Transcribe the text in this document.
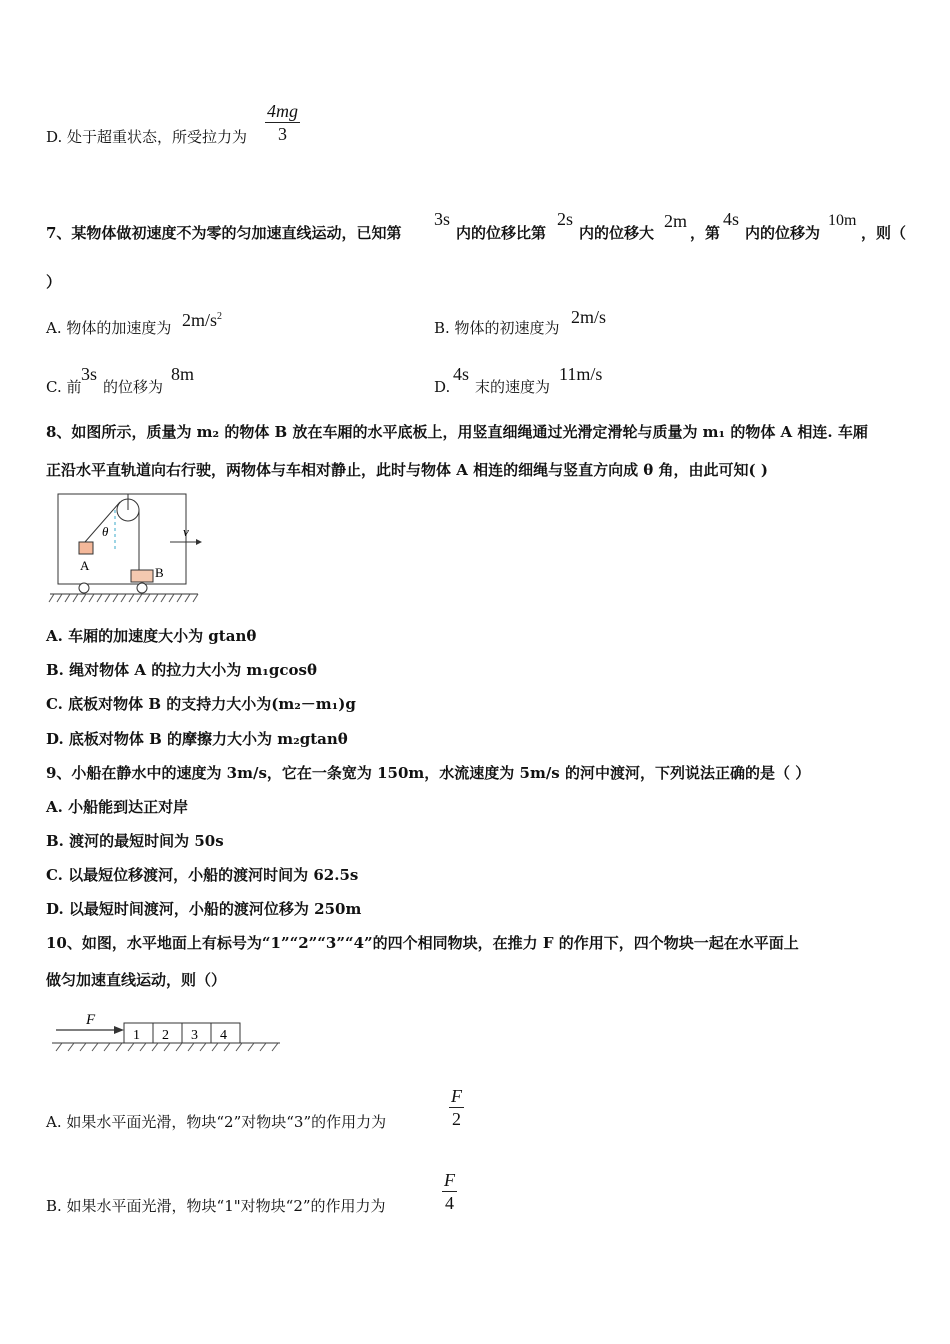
D. 处于超重状态，所受拉力为 $\frac{4mg}{3}$
7、某物体做初速度不为零的匀加速直线运动，已知第
3s
内的位移比第
2s
内的位移大
2m
，第
4s
内的位移为
10m
，则（
）
A. 物体的加速度为 $2m/s^2$
B. 物体的初速度为
2m/s
C. 前
3s
的位移为
8m
D.
4s
末的速度为
11m/s
8、如图所示，质量为 m₂ 的物体 B 放在车厢的水平底板上，用竖直细绳通过光滑定滑轮与质量为 m₁ 的物体 A 相连. 车厢
正沿水平直轨道向右行驶，两物体与车相对静止，此时与物体 A 相连的细绳与竖直方向成 θ 角，由此可知( )
θ
A	B
v
A. 车厢的加速度大小为 gtanθ
B. 绳对物体 A 的拉力大小为 m₁gcosθ
C. 底板对物体 B 的支持力大小为(m₂－m₁)g
D. 底板对物体 B 的摩擦力大小为 m₂gtanθ
9、小船在静水中的速度为 3m/s，它在一条宽为 150m，水流速度为 5m/s 的河中渡河，下列说法正确的是（ ）
A. 小船能到达正对岸
B. 渡河的最短时间为 50s
C. 以最短位移渡河，小船的渡河时间为 62.5s
D. 以最短时间渡河，小船的渡河位移为 250m
10、如图，水平地面上有标号为“1”“2”“3”“4”的四个相同物块，在推力 F 的作用下，四个物块一起在水平面上
做匀加速直线运动，则（）
F
1 2 3 4
A. 如果水平面光滑，物块“2”对物块“3”的作用力为	$\frac{F}{2}$
B. 如果水平面光滑，物块“1"对物块“2”的作用力为	$\frac{F}{4}$
